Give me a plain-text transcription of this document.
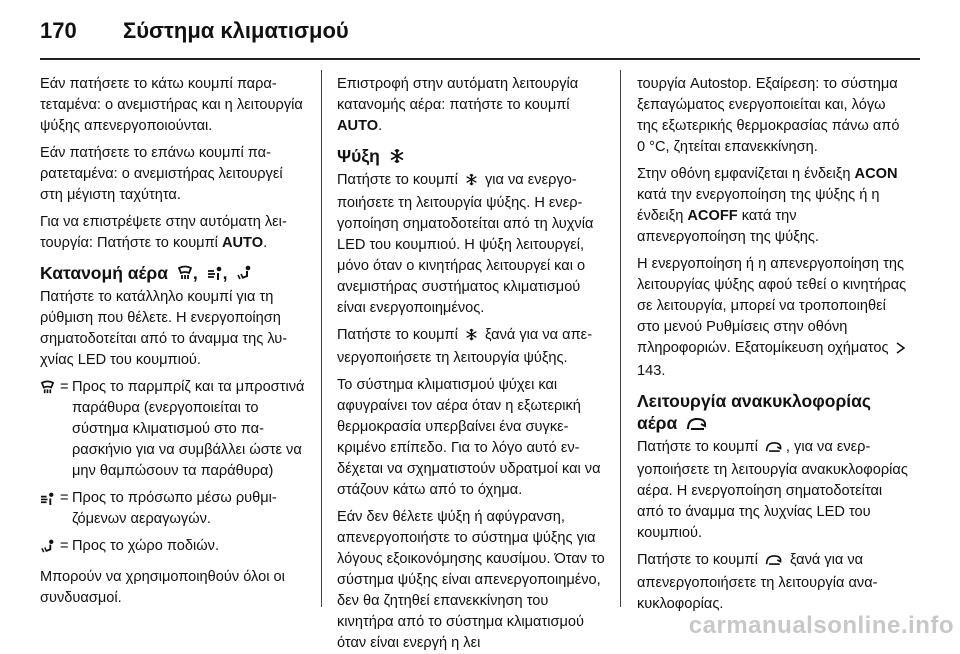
170 Σύστημα κλιματισμού

Εάν πατήσετε το κάτω κουμπί παρατεταμένα: ο ανεμιστήρας και η λειτουργία ψύξης απενεργοποιούνται.

Εάν πατήσετε το επάνω κουμπί παρατεταμένα: ο ανεμιστήρας λειτουργεί στη μέγιστη ταχύτητα.

Για να επιστρέψετε στην αυτόματη λειτουργία: Πατήστε το κουμπί AUTO.

Κατανομή αέρα , ,

Πατήστε το κατάλληλο κουμπί για τη ρύθμιση που θέλετε. Η ενεργοποίηση σηματοδοτείται από το άναμμα της λυχνίας LED του κουμπιού.

= Προς το παρμπρίζ και τα μπροστινά παράθυρα (ενεργοποιείται το σύστημα κλιματισμού στο παρασκήνιο για να συμβάλλει ώστε να μην θαμπώσουν τα παράθυρα)
= Προς το πρόσωπο μέσω ρυθμιζόμενων αεραγωγών.
= Προς το χώρο ποδιών.

Μπορούν να χρησιμοποιηθούν όλοι οι συνδυασμοί.

Επιστροφή στην αυτόματη λειτουργία κατανομής αέρα: πατήστε το κουμπί AUTO.

Ψύξη

Πατήστε το κουμπί για να ενεργοποιήσετε τη λειτουργία ψύξης. Η ενεργοποίηση σηματοδοτείται από τη λυχνία LED του κουμπιού. Η ψύξη λειτουργεί, μόνο όταν ο κινητήρας λειτουργεί και ο ανεμιστήρας συστήματος κλιματισμού είναι ενεργοποιημένος.

Πατήστε το κουμπί ξανά για να απενεργοποιήσετε τη λειτουργία ψύξης.

Το σύστημα κλιματισμού ψύχει και αφυγραίνει τον αέρα όταν η εξωτερική θερμοκρασία υπερβαίνει ένα συγκεκριμένο επίπεδο. Για το λόγο αυτό ενδέχεται να σχηματιστούν υδρατμοί και να στάζουν κάτω από το όχημα.

Εάν δεν θέλετε ψύξη ή αφύγρανση, απενεργοποιήστε το σύστημα ψύξης για λόγους εξοικονόμησης καυσίμου. Όταν το σύστημα ψύξης είναι απενεργοποιημένο, δεν θα ζητηθεί επανεκκίνηση του κινητήρα από το σύστημα κλιματισμού όταν είναι ενεργή η λει

τουργία Autostop. Εξαίρεση: το σύστημα ξεπαγώματος ενεργοποιείται και, λόγω της εξωτερικής θερμοκρασίας πάνω από 0 °C, ζητείται επανεκκίνηση.

Στην οθόνη εμφανίζεται η ένδειξη ACON κατά την ενεργοποίηση της ψύξης ή η ένδειξη ACOFF κατά την απενεργοποίηση της ψύξης.

Η ενεργοποίηση ή η απενεργοποίηση της λειτουργίας ψύξης αφού τεθεί ο κινητήρας σε λειτουργία, μπορεί να τροποποιηθεί στο μενού Ρυθμίσεις στην οθόνη πληροφοριών. Εξατομίκευση οχήματος 143.

Λειτουργία ανακυκλοφορίας αέρα

Πατήστε το κουμπί , για να ενεργοποιήσετε τη λειτουργία ανακυκλοφορίας αέρα. Η ενεργοποίηση σηματοδοτείται από το άναμμα της λυχνίας LED του κουμπιού.

Πατήστε το κουμπί ξανά για να απενεργοποιήσετε τη λειτουργία ανακυκλοφορίας.

carmanualsonline.info
